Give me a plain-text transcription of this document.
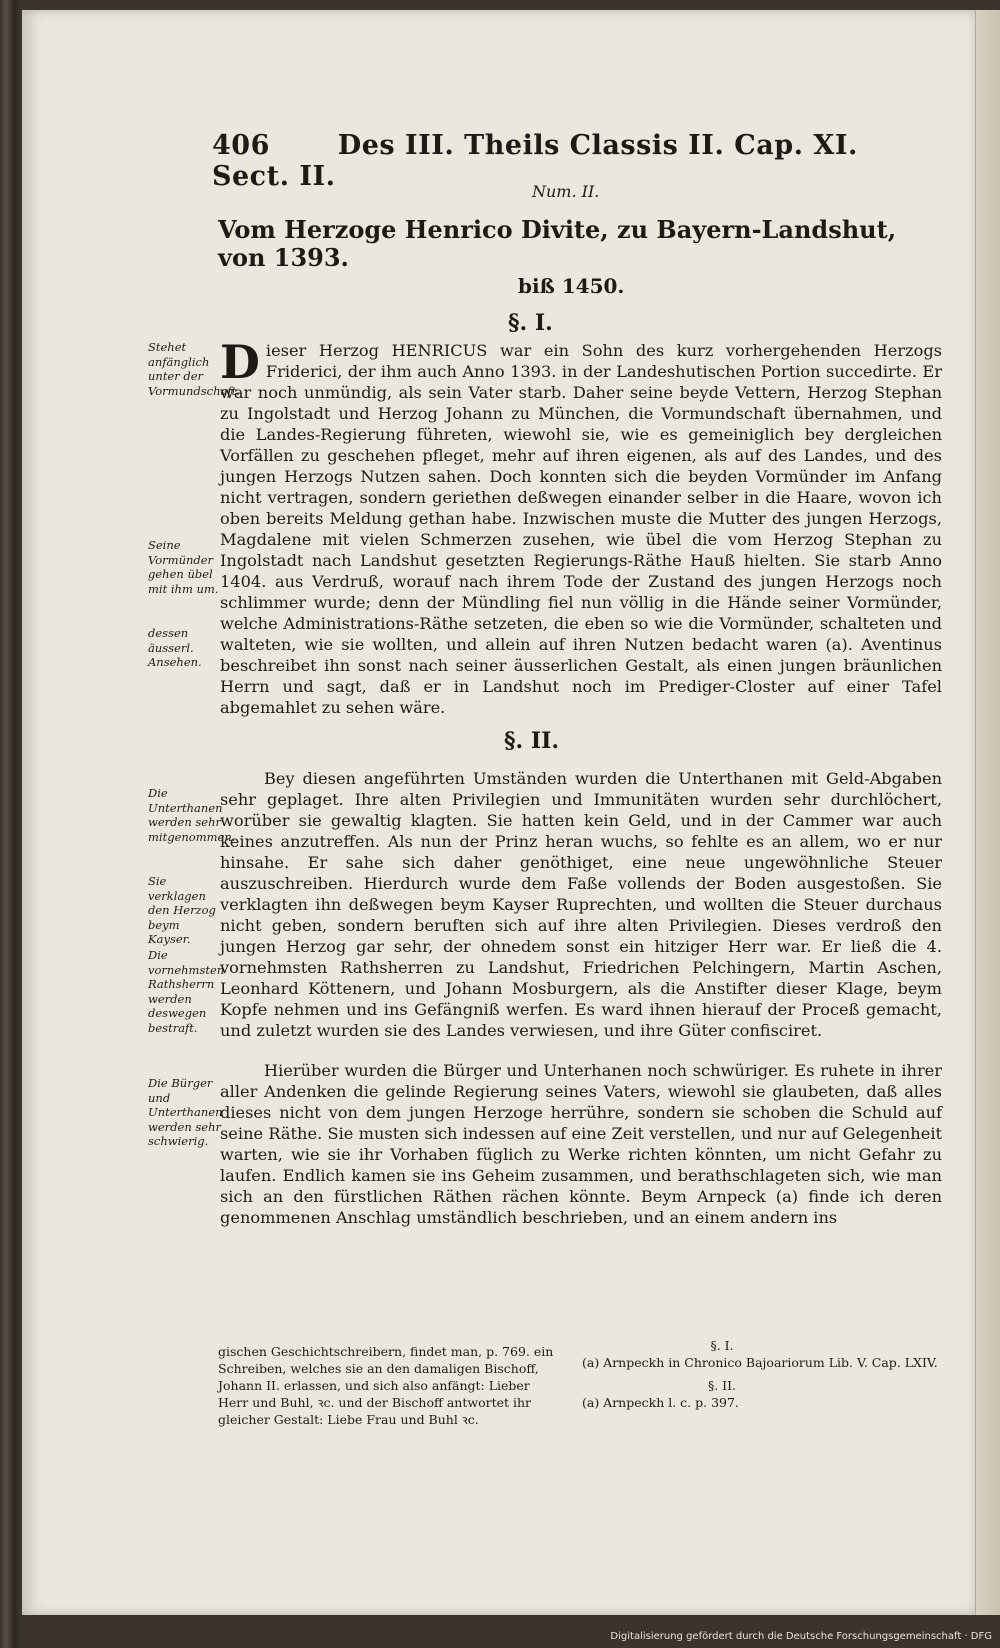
406	Des III. Theils Classis II. Cap. XI. Sect. II.	Num. II.
Vom Herzoge Henrico Divite, zu Bayern-Landshut, von 1393.
biß 1450.
§. I.

D ieser Herzog HENRICUS war ein Sohn des kurz vorhergehenden Herzogs Friderici, der ihm auch Anno 1393. in der Landeshutischen Portion succedirte. Er war noch unmündig, als sein Vater starb. Daher seine beyde Vettern, Herzog Stephan zu Ingolstadt und Herzog Johann zu München, die Vormundschaft übernahmen, und die Landes-Regierung führeten, wiewohl sie, wie es gemeiniglich bey dergleichen Vorfällen zu geschehen pfleget, mehr auf ihren eigenen, als auf des Landes, und des jungen Herzogs Nutzen sahen. Doch konnten sich die beyden Vormünder im Anfang nicht vertragen, sondern geriethen deßwegen einander selber in die Haare, wovon ich oben bereits Meldung gethan habe. Inzwischen muste die Mutter des jungen Herzogs, Magdalene mit vielen Schmerzen zusehen, wie übel die vom Herzog Stephan zu Ingolstadt nach Landshut gesetzten Regierungs-Räthe Hauß hielten. Sie starb Anno 1404. aus Verdruß, worauf nach ihrem Tode der Zustand des jungen Herzogs noch schlimmer wurde; denn der Mündling fiel nun völlig in die Hände seiner Vormünder, welche Administrations-Räthe setzeten, die eben so wie die Vormünder, schalteten und walteten, wie sie wollten, und allein auf ihren Nutzen bedacht waren (a). Aventinus beschreibet ihn sonst nach seiner äusserlichen Gestalt, als einen jungen bräunlichen Herrn und sagt, daß er in Landshut noch im Prediger-Closter auf einer Tafel abgemahlet zu sehen wäre.

Stehet anfänglich unter der Vormundschaft.
Seine Vormünder gehen übel mit ihm um.
dessen äusserl. Ansehen.
§. II.

Bey diesen angeführten Umständen wurden die Unterthanen mit Geld-Abgaben sehr geplaget. Ihre alten Privilegien und Immunitäten wurden sehr durchlöchert, worüber sie gewaltig klagten. Sie hatten kein Geld, und in der Cammer war auch keines anzutreffen. Als nun der Prinz heran wuchs, so fehlte es an allem, wo er nur hinsahe. Er sahe sich daher genöthiget, eine neue ungewöhnliche Steuer auszuschreiben. Hierdurch wurde dem Faße vollends der Boden ausgestoßen. Sie verklagten ihn deßwegen beym Kayser Ruprechten, und wollten die Steuer durchaus nicht geben, sondern beruften sich auf ihre alten Privilegien. Dieses verdroß den jungen Herzog gar sehr, der ohnedem sonst ein hitziger Herr war. Er ließ die 4. vornehmsten Rathsherren zu Landshut, Friedrichen Pelchingern, Martin Aschen, Leonhard Köttenern, und Johann Mosburgern, als die Anstifter dieser Klage, beym Kopfe nehmen und ins Gefängniß werfen. Es ward ihnen hierauf der Proceß gemacht, und zuletzt wurden sie des Landes verwiesen, und ihre Güter confisciret.

Die Unterthanen werden sehr mitgenommen.
Sie verklagen den Herzog beym Kayser.
Die vornehmsten Rathsherrn werden deswegen bestraft.

Hierüber wurden die Bürger und Unterhanen noch schwüriger. Es ruhete in ihrer aller Andenken die gelinde Regierung seines Vaters, wiewohl sie glaubeten, daß alles dieses nicht von dem jungen Herzoge herrühre, sondern sie schoben die Schuld auf seine Räthe. Sie musten sich indessen auf eine Zeit verstellen, und nur auf Gelegenheit warten, wie sie ihr Vorhaben füglich zu Werke richten könnten, um nicht Gefahr zu laufen. Endlich kamen sie ins Geheim zusammen, und berathschlageten sich, wie man sich an den fürstlichen Räthen rächen könnte. Beym Arnpeck (a) finde ich deren genommenen Anschlag umständlich beschrieben, und an einem andern ins

Die Bürger und Unterthanen werden sehr schwierig.
gischen Geschichtschreibern, findet man, p. 769. ein Schreiben, welches sie an den damaligen Bischoff, Johann II. erlassen, und sich also anfängt: Lieber Herr und Buhl, ꝛc. und der Bischoff antwortet ihr gleicher Gestalt: Liebe Frau und Buhl ꝛc.
§. I.
(a) Arnpeckh in Chronico Bajoariorum Lib. V. Cap. LXIV.
§. II.
(a) Arnpeckh l. c. p. 397.
Digitalisierung gefördert durch die Deutsche Forschungsgemeinschaft · DFG
